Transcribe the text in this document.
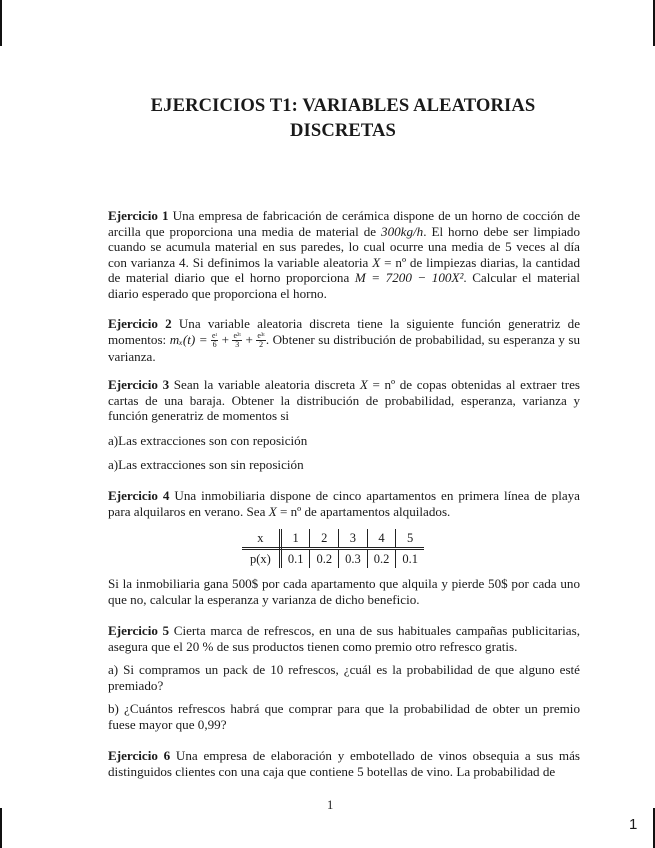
EJERCICIOS T1: VARIABLES ALEATORIAS
DISCRETAS

Ejercicio 1 Una empresa de fabricación de cerámica dispone de un horno de cocción de arcilla que proporciona una media de material de 300kg/h. El horno debe ser limpiado cuando se acumula material en sus paredes, lo cual ocurre una media de 5 veces al día con varianza 4. Si definimos la variable aleatoria X = nº de limpiezas diarias, la cantidad de material diario que el horno proporciona M = 7200 − 100X². Calcular el material diario esperado que proporciona el horno.

Ejercicio 2 Una variable aleatoria discreta tiene la siguiente función generatriz de momentos: $m_x(t) = \frac{\text{eᵗ}}{6} + \frac{\text{e²ᵗ}}{3} + \frac{\text{e³ᵗ}}{2}$ . Obtener su distribución de probabilidad, su esperanza y su varianza.

Ejercicio 3 Sean la variable aleatoria discreta X = nº de copas obtenidas al extraer tres cartas de una baraja. Obtener la distribución de probabilidad, esperanza, varianza y función generatriz de momentos si

a)Las extracciones son con reposición

a)Las extracciones son sin reposición

Ejercicio 4 Una inmobiliaria dispone de cinco apartamentos en primera línea de playa para alquilaros en verano. Sea X = nº de apartamentos alquilados.

x	1	2	3	4	5
p(x)	0.1	0.2	0.3	0.2	0.1

Si la inmobiliaria gana 500$ por cada apartamento que alquila y pierde 50$ por cada uno que no, calcular la esperanza y varianza de dicho beneficio.

Ejercicio 5 Cierta marca de refrescos, en una de sus habituales campañas publicitarias, asegura que el 20 % de sus productos tienen como premio otro refresco gratis.

a) Si compramos un pack de 10 refrescos, ¿cuál es la probabilidad de que alguno esté premiado?

b) ¿Cuántos refrescos habrá que comprar para que la probabilidad de obter un premio fuese mayor que 0,99?

Ejercicio 6 Una empresa de elaboración y embotellado de vinos obsequia a sus más distinguidos clientes con una caja que contiene 5 botellas de vino. La probabilidad de

1
1
